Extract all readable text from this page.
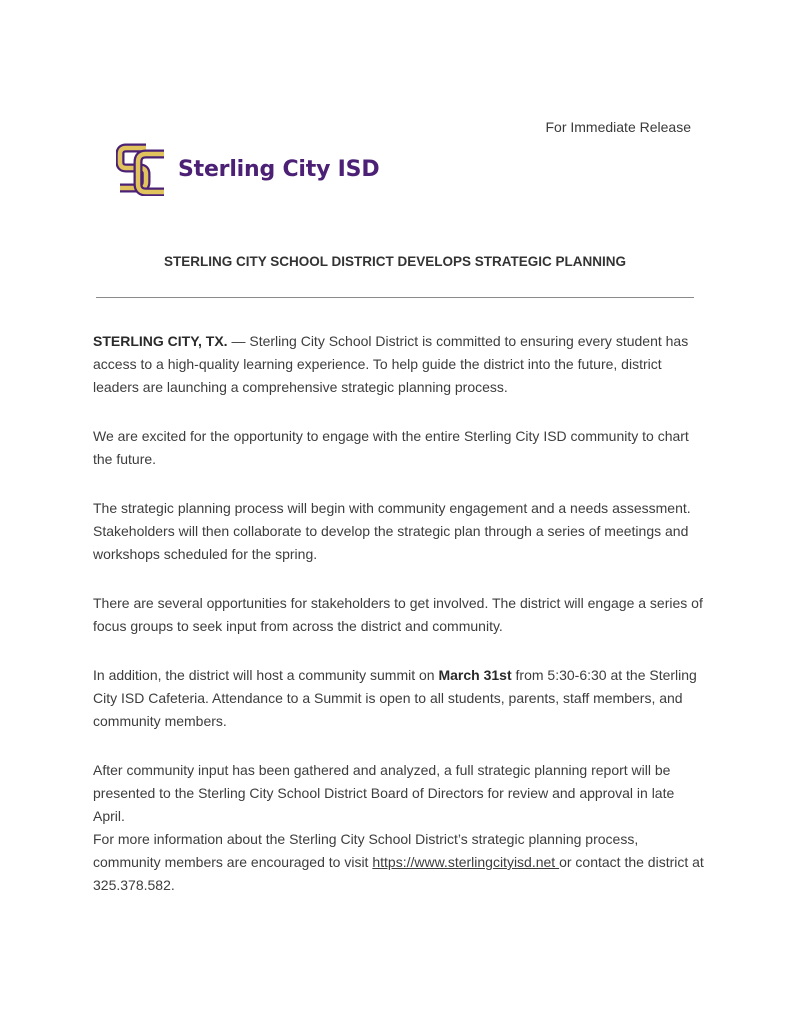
For Immediate Release
Sterling City ISD
STERLING CITY SCHOOL DISTRICT DEVELOPS STRATEGIC PLANNING

STERLING CITY, TX. — Sterling City School District is committed to ensuring every student has access to a high-quality learning experience. To help guide the district into the future, district leaders are launching a comprehensive strategic planning process.

We are excited for the opportunity to engage with the entire Sterling City ISD community to chart the future.

The strategic planning process will begin with community engagement and a needs assessment. Stakeholders will then collaborate to develop the strategic plan through a series of meetings and workshops scheduled for the spring.

There are several opportunities for stakeholders to get involved. The district will engage a series of focus groups to seek input from across the district and community.

In addition, the district will host a community summit on March 31st from 5:30-6:30 at the Sterling City ISD Cafeteria. Attendance to a Summit is open to all students, parents, staff members, and community members.

After community input has been gathered and analyzed, a full strategic planning report will be presented to the Sterling City School District Board of Directors for review and approval in late April.

For more information about the Sterling City School District’s strategic planning process, community members are encouraged to visit https://www.sterlingcityisd.net or contact the district at 325.378.582.
